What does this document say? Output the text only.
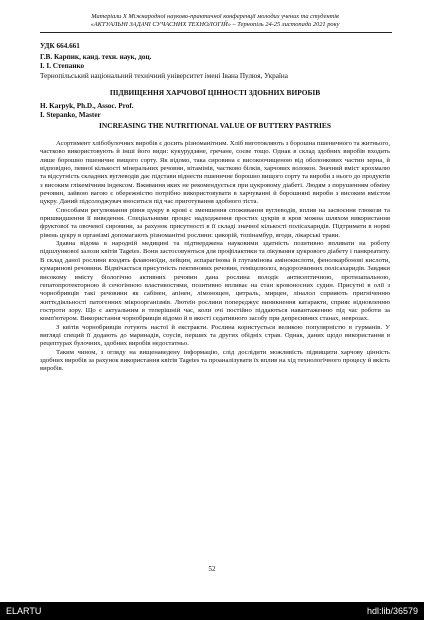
Матеріали Х Міжнародної науково-практичної конференції молодих учених та студентів
«АКТУАЛЬНІ ЗАДАЧІ СУЧАСНИХ ТЕХНОЛОГІЙ» – Тернопіль 24-25 листопада 2021 року
УДК 664.661
Г.В. Карпик, канд. техн. наук, доц.
І. І. Степанко
Тернопільський національний технічний університет імені Івана Пулюя, Україна
ПІДВИЩЕННЯ ХАРЧОВОЇ ЦІННОСТІ ЗДОБНИХ ВИРОБІВ
H. Karpyk, Ph.D., Assoc. Prof.
I. Stepanko, Master
INCREASING THE NUTRITIONAL VALUE OF BUTTERY PASTRIES

Асортимент хлібобулочних виробів є досить різноманітним. Хліб виготовляють з борошна пшеничного та житнього, частково використовують й інші його види: кукурудзяне, гречане, соєве тощо. Однак в склад здобних виробів входить лише борошно пшеничне вищого сорту. Як відомо, така сировина є високоочищеною від оболонкових частин зерна, й відповідно, певної кількості мінеральних речовин, вітамінів, частково білків, харчових волокон. Значний вміст крохмалю та відсутність складних вуглеводів дає підстави віднести пшеничне борошно вищого сорту та вироби з нього до продуктів з високим глікемічним індексом. Вживання яких не рекомендується при цукровому діабеті. Людям з порушенням обміну речовин, зайвою вагою є обережністю потрібно використовувати в харчуванні й борошняні вироби з високим вмістом цукру. Даний підсолоджувач вноситься під час приготування здобного тіста.

Способами регулювання рівня цукру в крові є зменшення споживання вуглеводів, вплив на засвоєння глюкози та пришвидшення її виведення. Спеціальними процес надходження простих цукрів в кров можна шляхом використання фруктової та овочевої сировини, за рахунок присутності в її складі значної кількості полісахаридів. Підтримати в нормі рівень цукру в організмі допомагають різноманітні рослини: цикорій, топінамбур, ягоди, лікарські трави.

Здавна відома в народній медицині та підтверджена науковими здатність позитивно впливати на роботу підшлункової залози квітів Tagetes. Вони застосовуються для профілактики та лікування цукрового діабету і панкреатиту. В склад даної рослини входять флавоноїди, лейцин, аспарагінова й глутамінова амінокислоти, фенолкарбонові кислоти, кумаринові речовини. Відмічається присутність пектинових речовин, геміцелюлоз, водорозчинних полісахаридів. Завдяки високому вмісту біологічно активних речовин дана рослина володіє антисептичною, протизапальною, гепатопротекторною й сечогінною властивостями, позитивно впливає на стан кровоносних судин. Присутні в олії з чорнобривців такі речовини як сабінен, апінен, лімонощен, цитраль, мирцен, ліналол сприяють пригніченню життєдіяльності патогенних мікроорганізмів. Лютеїн рослини попереджує виникнення катаракти, сприяє відновленню гостроти зору. Що є актуальним в теперішній час, коли очі постійно піддаються навантаженню під час роботи за комп'ютером. Використання чорнобривців відомо й в якості седативного засобу при депресивних станах, неврозах.

З квітів чорнобривців готують настої й екстракти. Рослина користується великою популярністю в гурманів. У вигляді специй її додають до маринадів, соусів, перших та других обідніх страв. Однак, даних щодо використання в рецептурах булочних, здобних виробів недостатньо.

Таким чином, з огляду на вищенаведену інформацію, слід дослідити можливість підвищити харчову цінність здобних виробів за рахунок використання квітів Tagetes та проаналізувати їх вплив на хід технологічного процесу й якість виробів.

52
ELARTU	hdl:lib/36579
